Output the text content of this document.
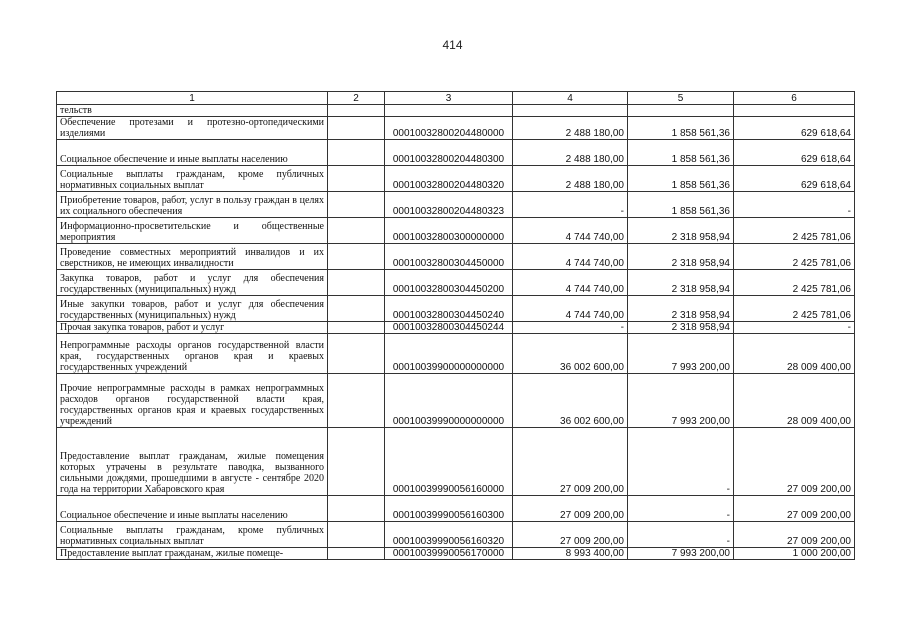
414
1	2	3	4	5	6
тельств					
Обеспечение протезами и протезно-ортопедическими изделиями		00010032800204480000	2 488 180,00	1 858 561,36	629 618,64
Социальное обеспечение и иные выплаты населению		00010032800204480300	2 488 180,00	1 858 561,36	629 618,64
Социальные выплаты гражданам, кроме публичных нормативных социальных выплат		00010032800204480320	2 488 180,00	1 858 561,36	629 618,64
Приобретение товаров, работ, услуг в пользу граждан в целях их социального обеспечения		00010032800204480323	-	1 858 561,36	-
Информационно-просветительские и общественные мероприятия		00010032800300000000	4 744 740,00	2 318 958,94	2 425 781,06
Проведение совместных мероприятий инвалидов и их сверстников, не имеющих инвалидности		00010032800304450000	4 744 740,00	2 318 958,94	2 425 781,06
Закупка товаров, работ и услуг для обеспечения государственных (муниципальных) нужд		00010032800304450200	4 744 740,00	2 318 958,94	2 425 781,06
Иные закупки товаров, работ и услуг для обеспечения государственных (муниципальных) нужд		00010032800304450240	4 744 740,00	2 318 958,94	2 425 781,06
Прочая закупка товаров, работ и услуг		00010032800304450244	-	2 318 958,94	-
Непрограммные расходы органов государственной власти края, государственных органов края и краевых государственных учреждений		00010039900000000000	36 002 600,00	7 993 200,00	28 009 400,00
Прочие непрограммные расходы в рамках непрограммных расходов органов государственной власти края, государственных органов края и краевых государственных учреждений		00010039990000000000	36 002 600,00	7 993 200,00	28 009 400,00
Предоставление выплат гражданам, жилые помещения которых утрачены в результате паводка, вызванного сильными дождями, прошедшими в августе - сентябре 2020 года на территории Хабаровского края		00010039990056160000	27 009 200,00	-	27 009 200,00
Социальное обеспечение и иные выплаты населению		00010039990056160300	27 009 200,00	-	27 009 200,00
Социальные выплаты гражданам, кроме публичных нормативных социальных выплат		00010039990056160320	27 009 200,00	-	27 009 200,00
Предоставление выплат гражданам, жилые помеще-		00010039990056170000	8 993 400,00	7 993 200,00	1 000 200,00
